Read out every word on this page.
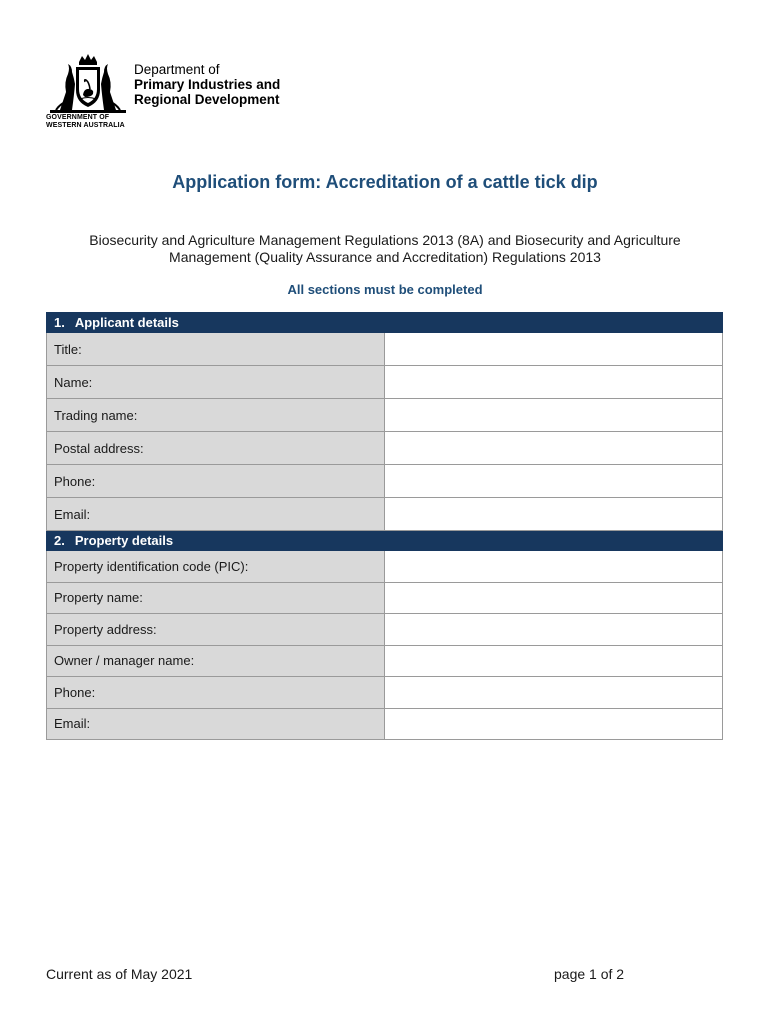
GOVERNMENT OF
WESTERN AUSTRALIA
Department of
Primary Industries and
Regional Development
Application form: Accreditation of a cattle tick dip
Biosecurity and Agriculture Management Regulations 2013 (8A) and Biosecurity and Agriculture Management (Quality Assurance and Accreditation) Regulations 2013
All sections must be completed
1. Applicant details	
Title:	
Name:	
Trading name:	
Postal address:	
Phone:	
Email:	
2. Property details	
Property identification code (PIC):	
Property name:	
Property address:	
Owner / manager name:	
Phone:	
Email:	
Current as of May 2021	page 1 of 2
